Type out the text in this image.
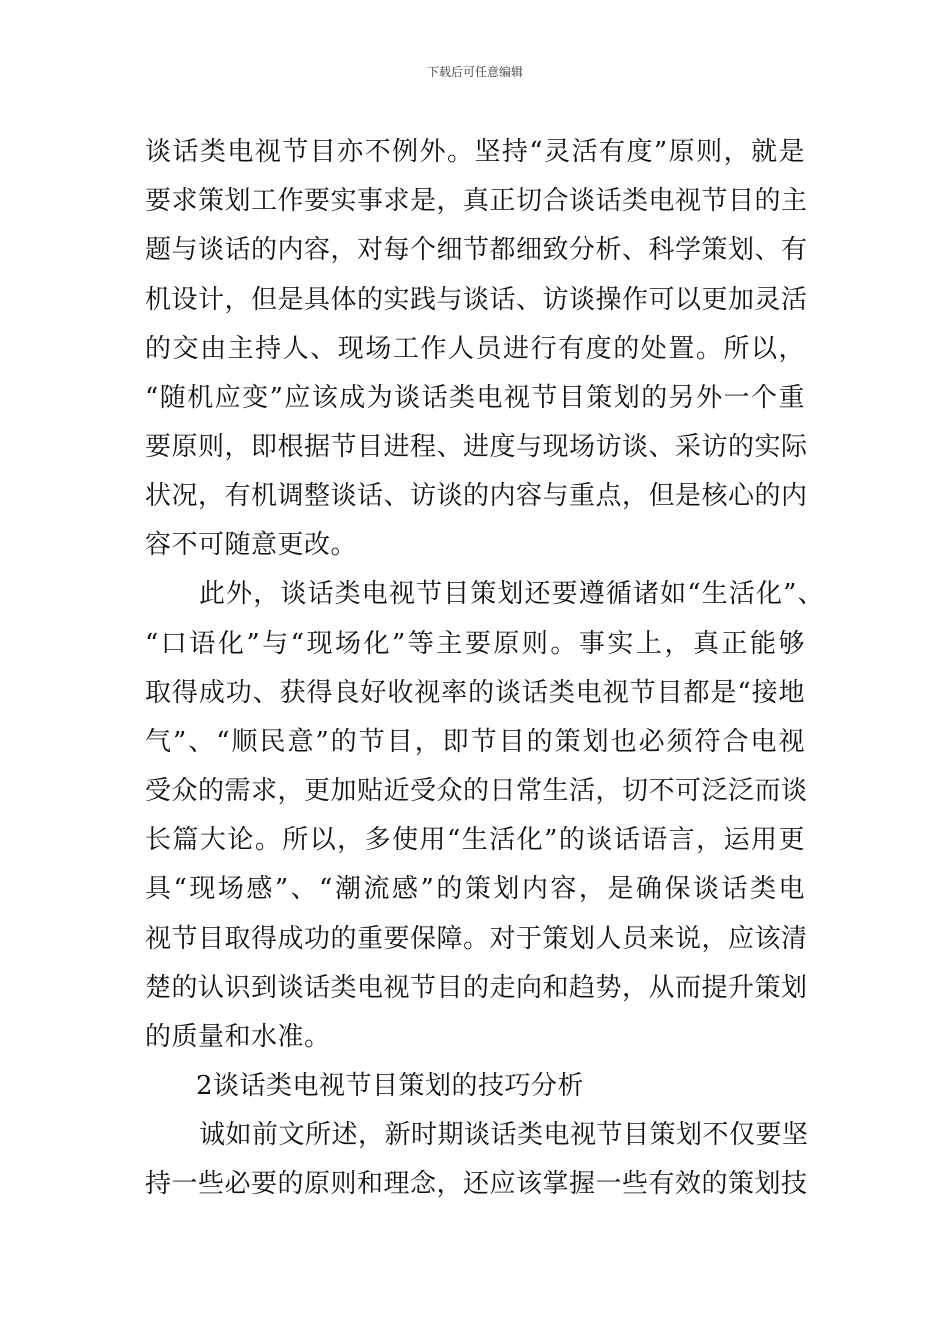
下载后可任意编辑
谈话类电视节目亦不例外。坚持“灵活有度”原则，就是
要求策划工作要实事求是，真正切合谈话类电视节目的主
题与谈话的内容，对每个细节都细致分析、科学策划、有
机设计，但是具体的实践与谈话、访谈操作可以更加灵活
的交由主持人、现场工作人员进行有度的处置。所以，
“随机应变”应该成为谈话类电视节目策划的另外一个重
要原则，即根据节目进程、进度与现场访谈、采访的实际
状况，有机调整谈话、访谈的内容与重点，但是核心的内
容不可随意更改。
此外，谈话类电视节目策划还要遵循诸如“生活化”、
“口语化”与“现场化”等主要原则。事实上，真正能够
取得成功、获得良好收视率的谈话类电视节目都是“接地
气”、“顺民意”的节目，即节目的策划也必须符合电视
受众的需求，更加贴近受众的日常生活，切不可泛泛而谈
长篇大论。所以，多使用“生活化”的谈话语言，运用更
具“现场感”、“潮流感”的策划内容，是确保谈话类电
视节目取得成功的重要保障。对于策划人员来说，应该清
楚的认识到谈话类电视节目的走向和趋势，从而提升策划
的质量和水准。
2谈话类电视节目策划的技巧分析
诚如前文所述，新时期谈话类电视节目策划不仅要坚
持一些必要的原则和理念，还应该掌握一些有效的策划技
